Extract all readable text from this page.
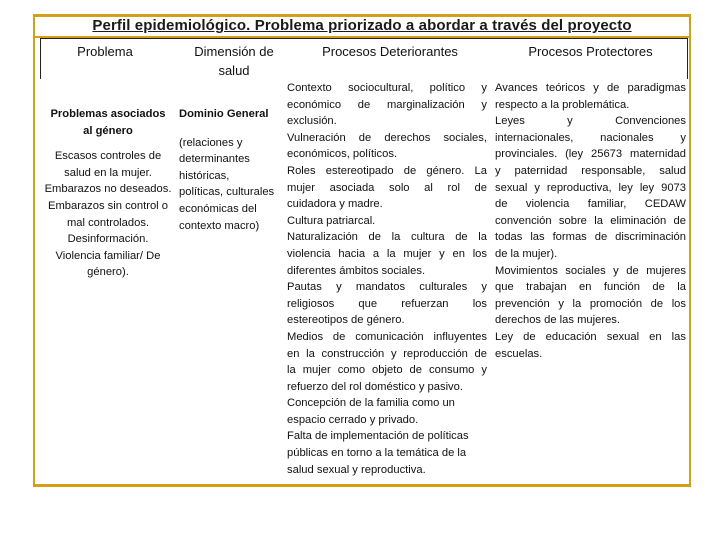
Perfil epidemiológico. Problema priorizado a abordar a través del proyecto
Problema	Dimensión de
salud
Procesos Deteriorantes	Procesos Protectores
Problemas asociados
al género
Escasos controles de
salud en la mujer.
Embarazos no deseados.
Embarazos sin control o
mal controlados.
Desinformación.
Violencia familiar/ De
género).
Dominio General
(relaciones y
determinantes
históricas,
políticas, culturales
económicas del
contexto macro)
Contexto sociocultural, político y
económico de marginalización y
exclusión.
Vulneración de derechos sociales,
económicos, políticos.
Roles estereotipado de género. La
mujer asociada solo al rol de
cuidadora y madre.
Cultura patriarcal.
Naturalización de la cultura de la
violencia hacia a la mujer y en los
diferentes ámbitos sociales.
Pautas y mandatos culturales y
religiosos que refuerzan los
estereotipos de género.
Medios de comunicación influyentes
en la construcción y reproducción de
la mujer como objeto de consumo y
refuerzo del rol doméstico y pasivo.
Concepción de la familia como un
espacio cerrado y privado.
Falta de implementación de políticas
públicas en torno a la temática de la
salud sexual y reproductiva.
Avances teóricos y de paradigmas
respecto a la problemática.
Leyes y Convenciones
internacionales, nacionales y
provinciales. (ley 25673 maternidad
y paternidad responsable, salud
sexual y reproductiva, ley ley 9073
de violencia familiar, CEDAW
convención sobre la eliminación de
todas las formas de discriminación
de la mujer).
Movimientos sociales y de mujeres
que trabajan en función de la
prevención y la promoción de los
derechos de las mujeres.
Ley de educación sexual en las
escuelas.
